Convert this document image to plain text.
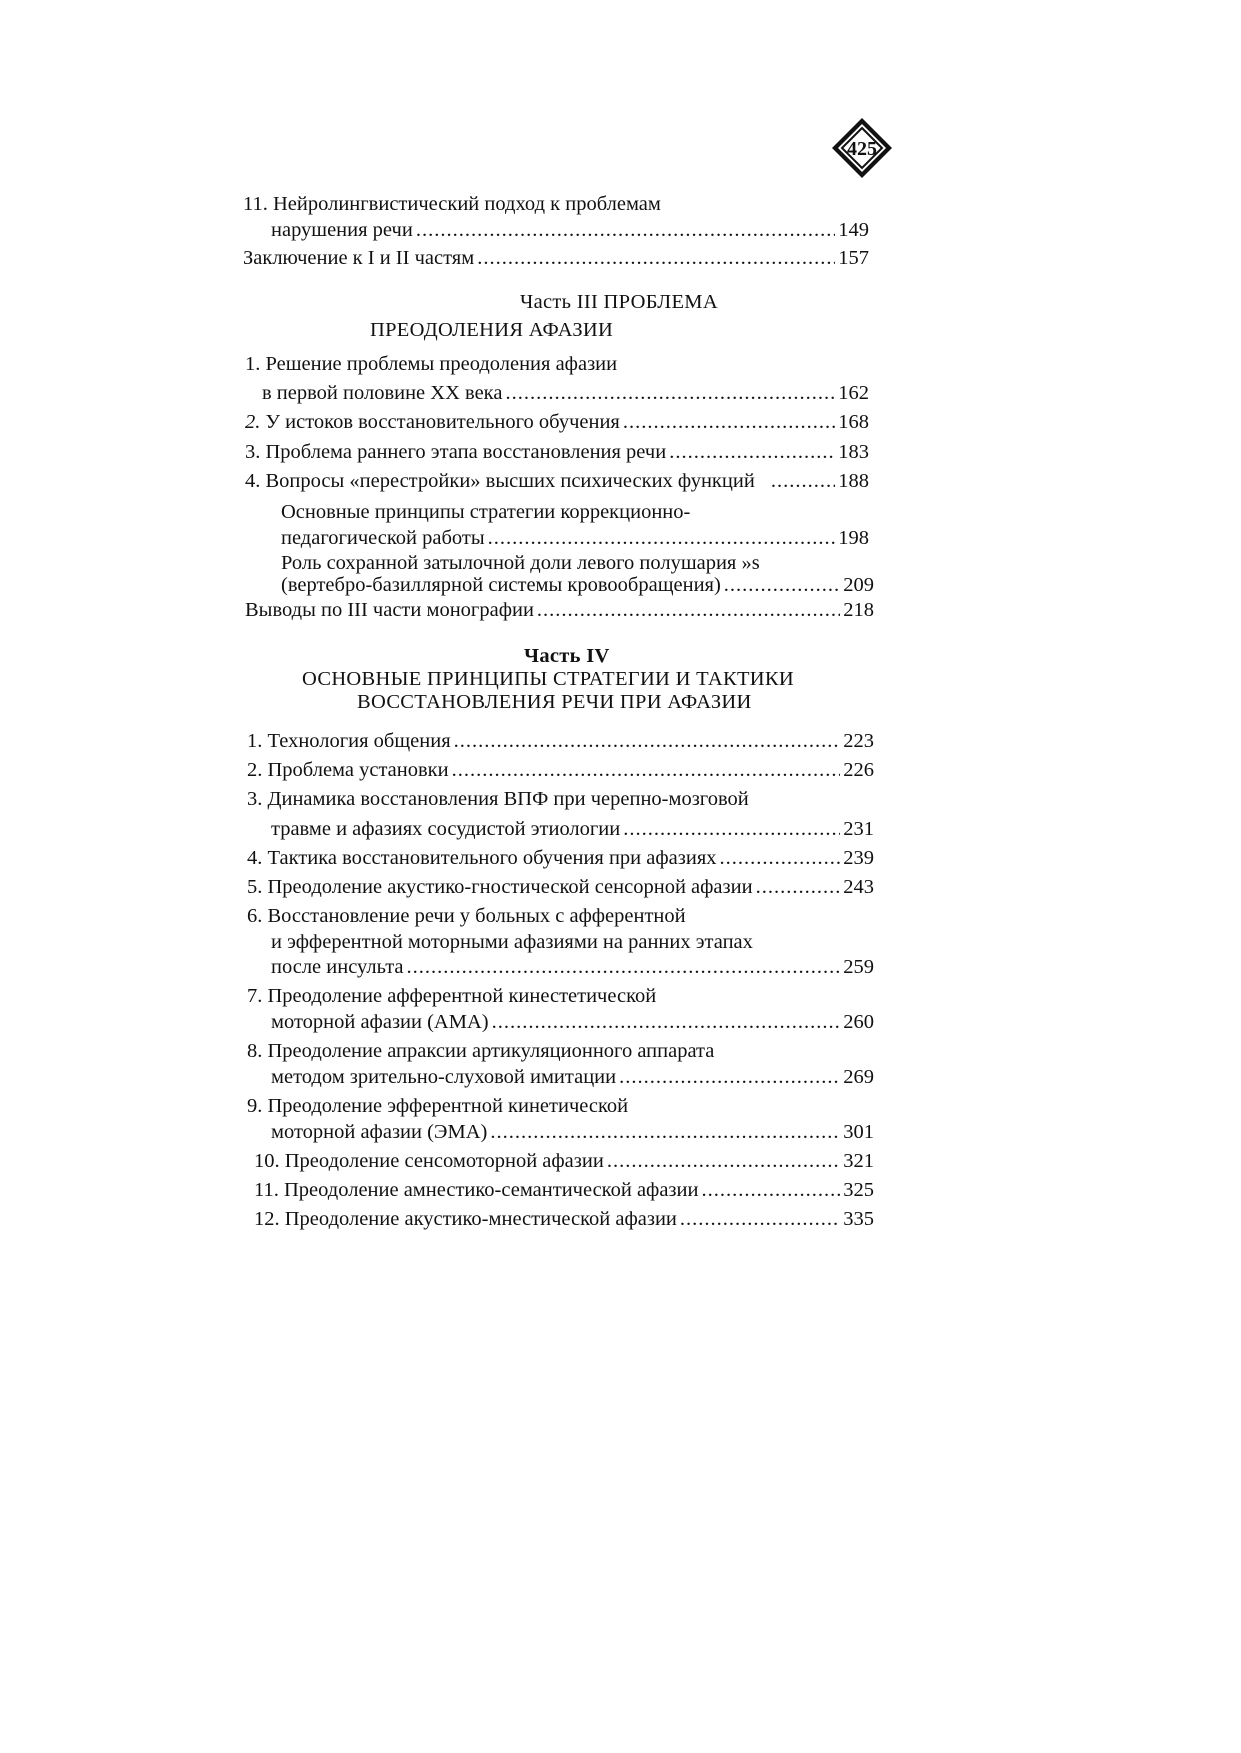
425
11. Нейролингвистический подход к проблемам
нарушения речи .....	149
Заключение к I и II частям .....	157
Часть III ПРОБЛЕМА
ПРЕОДОЛЕНИЯ АФАЗИИ
1. Решение проблемы преодоления афазии
в первой половине XX века .....	162
2. У истоков восстановительного обучения .....	168
3. Проблема раннего этапа восстановления речи .....	183
4. Вопросы «перестройки» высших психических функций .....	188
Основные принципы стратегии коррекционно-
педагогической работы .....	198
Роль сохранной затылочной доли левого полушария »s
(вертебро-базиллярной системы кровообращения) .....	209
Выводы по III части монографии .....	218
Часть IV
ОСНОВНЫЕ ПРИНЦИПЫ СТРАТЕГИИ И ТАКТИКИ
ВОССТАНОВЛЕНИЯ РЕЧИ ПРИ АФАЗИИ
1. Технология общения .....	223
2. Проблема установки .....	226
3. Динамика восстановления ВПФ при черепно-мозговой
травме и афазиях сосудистой этиологии .....	231
4. Тактика восстановительного обучения при афазиях .....	239
5. Преодоление акустико-гностической сенсорной афазии .....	243
6. Восстановление речи у больных с афферентной
и эфферентной моторными афазиями на ранних этапах
после инсульта .....	259
7. Преодоление афферентной кинестетической
моторной афазии (АМА) .....	260
8. Преодоление апраксии артикуляционного аппарата
методом зрительно-слуховой имитации .....	269
9. Преодоление эфферентной кинетической
моторной афазии (ЭМА) .....	301
10. Преодоление сенсомоторной афазии .....	321
11. Преодоление амнестико-семантической афазии .....	325
12. Преодоление акустико-мнестической афазии .....	335
